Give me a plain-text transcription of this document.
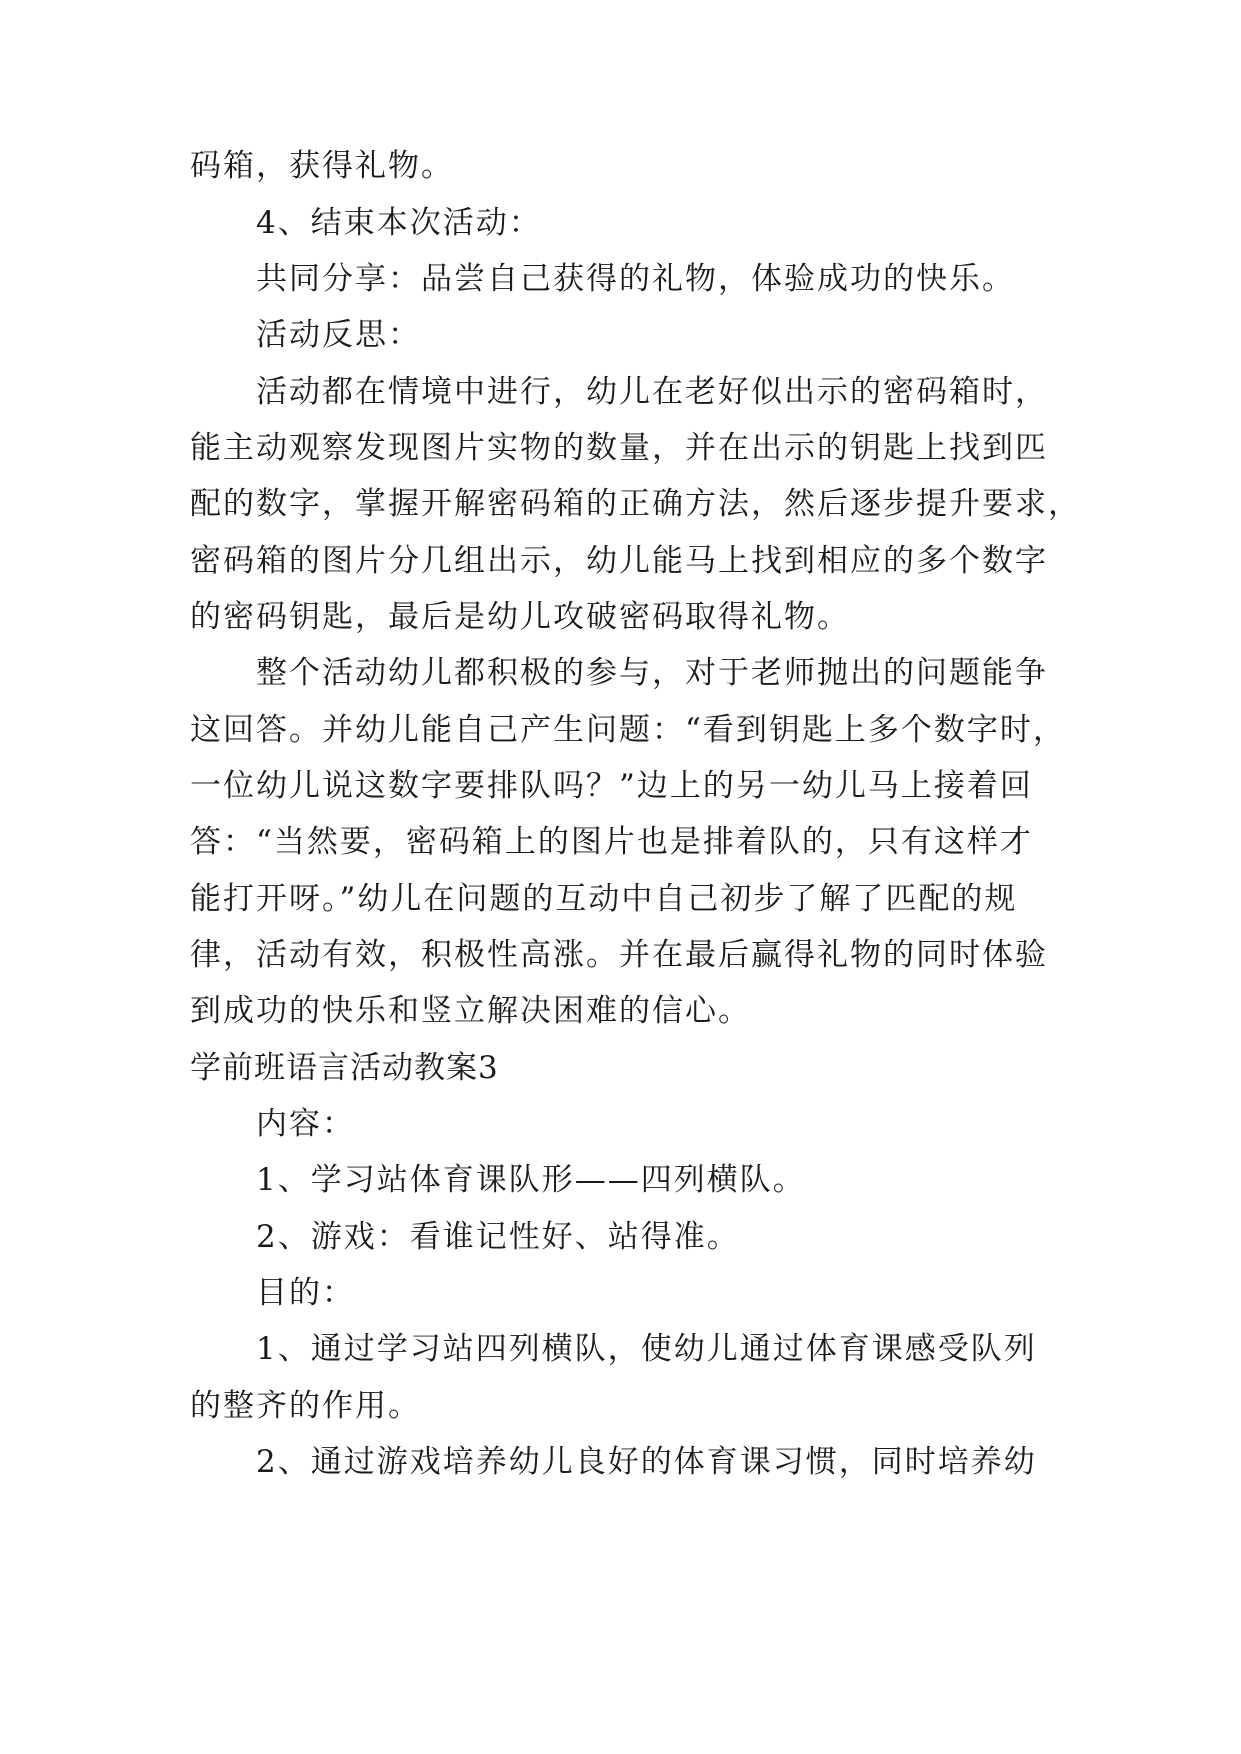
码箱，获得礼物。
4、结束本次活动：
共同分享：品尝自己获得的礼物，体验成功的快乐。
活动反思：
活动都在情境中进行，幼儿在老好似出示的密码箱时，
能主动观察发现图片实物的数量，并在出示的钥匙上找到匹
配的数字，掌握开解密码箱的正确方法，然后逐步提升要求，
密码箱的图片分几组出示，幼儿能马上找到相应的多个数字
的密码钥匙，最后是幼儿攻破密码取得礼物。
整个活动幼儿都积极的参与，对于老师抛出的问题能争
这回答。并幼儿能自己产生问题：“看到钥匙上多个数字时，
一位幼儿说这数字要排队吗？”边上的另一幼儿马上接着回
答：“当然要，密码箱上的图片也是排着队的，只有这样才
能打开呀。”幼儿在问题的互动中自己初步了解了匹配的规
律，活动有效，积极性高涨。并在最后赢得礼物的同时体验
到成功的快乐和竖立解决困难的信心。
学前班语言活动教案3
内容：
1、学习站体育课队形——四列横队。
2、游戏：看谁记性好、站得准。
目的：
1、通过学习站四列横队，使幼儿通过体育课感受队列
的整齐的作用。
2、通过游戏培养幼儿良好的体育课习惯，同时培养幼
